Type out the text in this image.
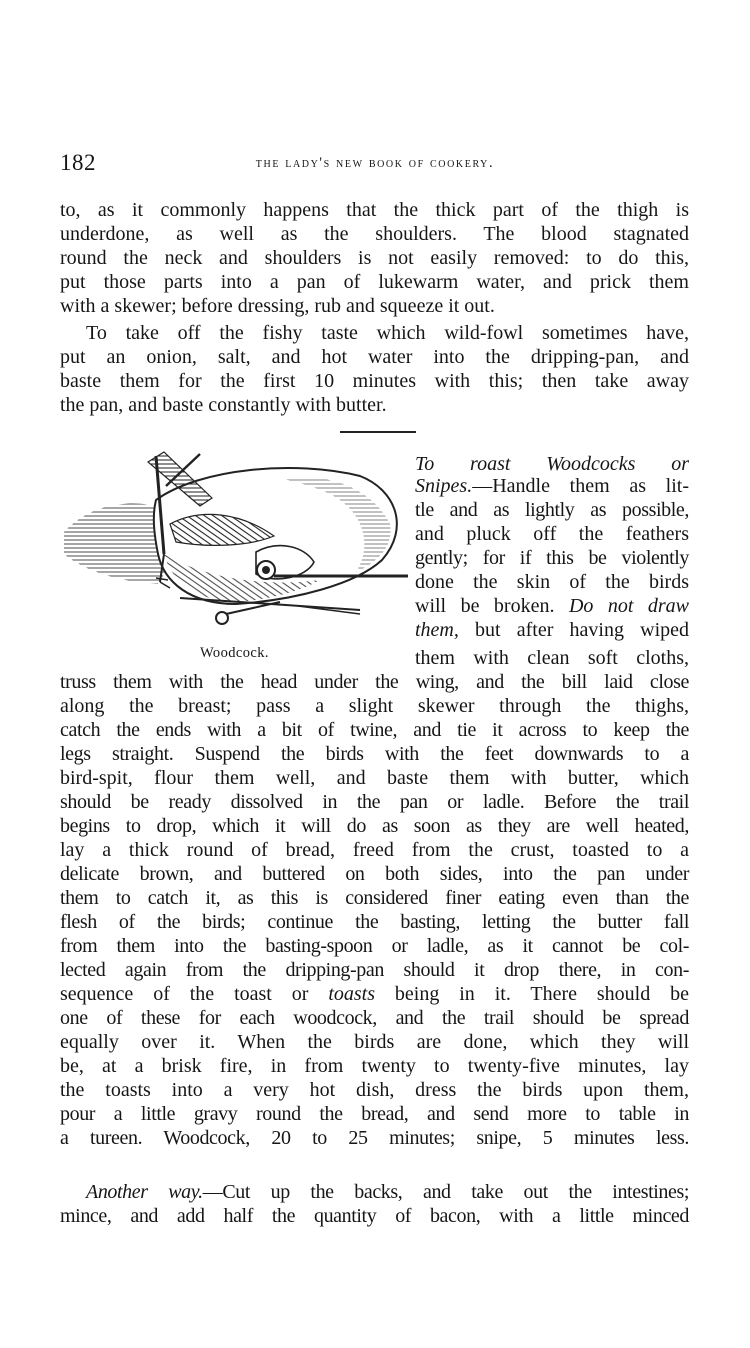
182	the lady's new book of cookery.
to, as it commonly happens that the thick part of the thigh is
underdone, as well as the shoulders. The blood stagnated
round the neck and shoulders is not easily removed: to do this,
put those parts into a pan of lukewarm water, and prick them
with a skewer; before dressing, rub and squeeze it out.
To take off the fishy taste which wild-fowl sometimes have,
put an onion, salt, and hot water into the dripping-pan, and
baste them for the first 10 minutes with this; then take away
the pan, and baste constantly with butter.
Woodcock.
To roast Woodcocks or
Snipes.—Handle them as lit-
tle and as lightly as possible,
and pluck off the feathers
gently; for if this be violently
done the skin of the birds
will be broken. Do not draw
them, but after having wiped
them with clean soft cloths,
truss them with the head under the wing, and the bill laid close
along the breast; pass a slight skewer through the thighs,
catch the ends with a bit of twine, and tie it across to keep the
legs straight. Suspend the birds with the feet downwards to a
bird-spit, flour them well, and baste them with butter, which
should be ready dissolved in the pan or ladle. Before the trail
begins to drop, which it will do as soon as they are well heated,
lay a thick round of bread, freed from the crust, toasted to a
delicate brown, and buttered on both sides, into the pan under
them to catch it, as this is considered finer eating even than the
flesh of the birds; continue the basting, letting the butter fall
from them into the basting-spoon or ladle, as it cannot be col-
lected again from the dripping-pan should it drop there, in con-
sequence of the toast or toasts being in it. There should be
one of these for each woodcock, and the trail should be spread
equally over it. When the birds are done, which they will
be, at a brisk fire, in from twenty to twenty-five minutes, lay
the toasts into a very hot dish, dress the birds upon them,
pour a little gravy round the bread, and send more to table in
a tureen. Woodcock, 20 to 25 minutes; snipe, 5 minutes less.
Another way.—Cut up the backs, and take out the intestines;
mince, and add half the quantity of bacon, with a little minced
